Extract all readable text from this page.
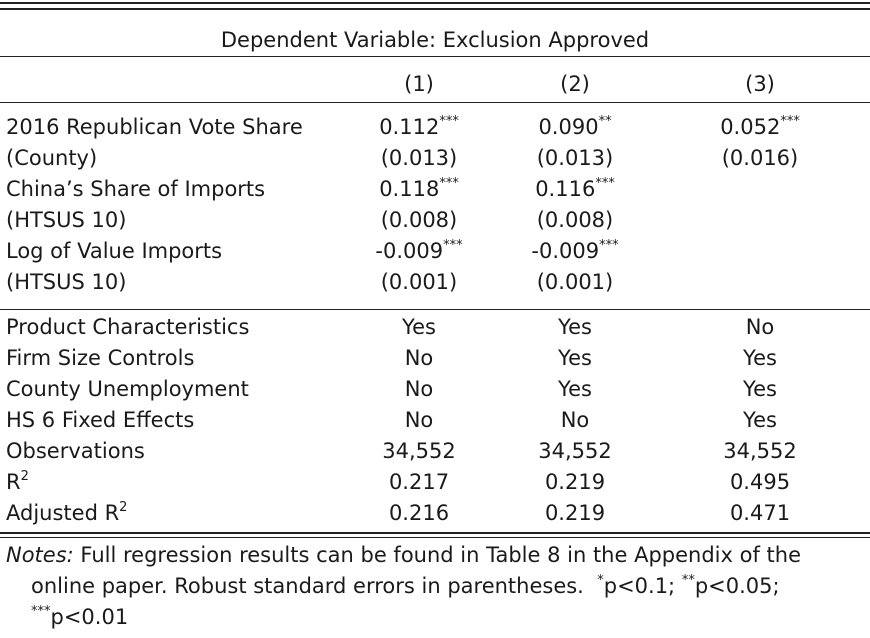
Dependent Variable: Exclusion Approved
(1)	(2)	(3)
2016 Republican Vote Share	0.112***	0.090**	0.052***
(County)	(0.013)	(0.013)	(0.016)
China’s Share of Imports	0.118***	0.116***
(HTSUS 10)	(0.008)	(0.008)
Log of Value Imports	-0.009***	-0.009***
(HTSUS 10)	(0.001)	(0.001)
Product Characteristics	Yes	Yes	No
Firm Size Controls	No	Yes	Yes
County Unemployment	No	Yes	Yes
HS 6 Fixed Effects	No	No	Yes
Observations	34,552	34,552	34,552
$R^2$	0.217	0.219	0.495
Adjusted $R^2$	0.216	0.219	0.471
Notes: Full regression results can be found in Table 8 in the Appendix of the
online paper. Robust standard errors in parentheses. *p<0.1; **p<0.05;
***p<0.01
